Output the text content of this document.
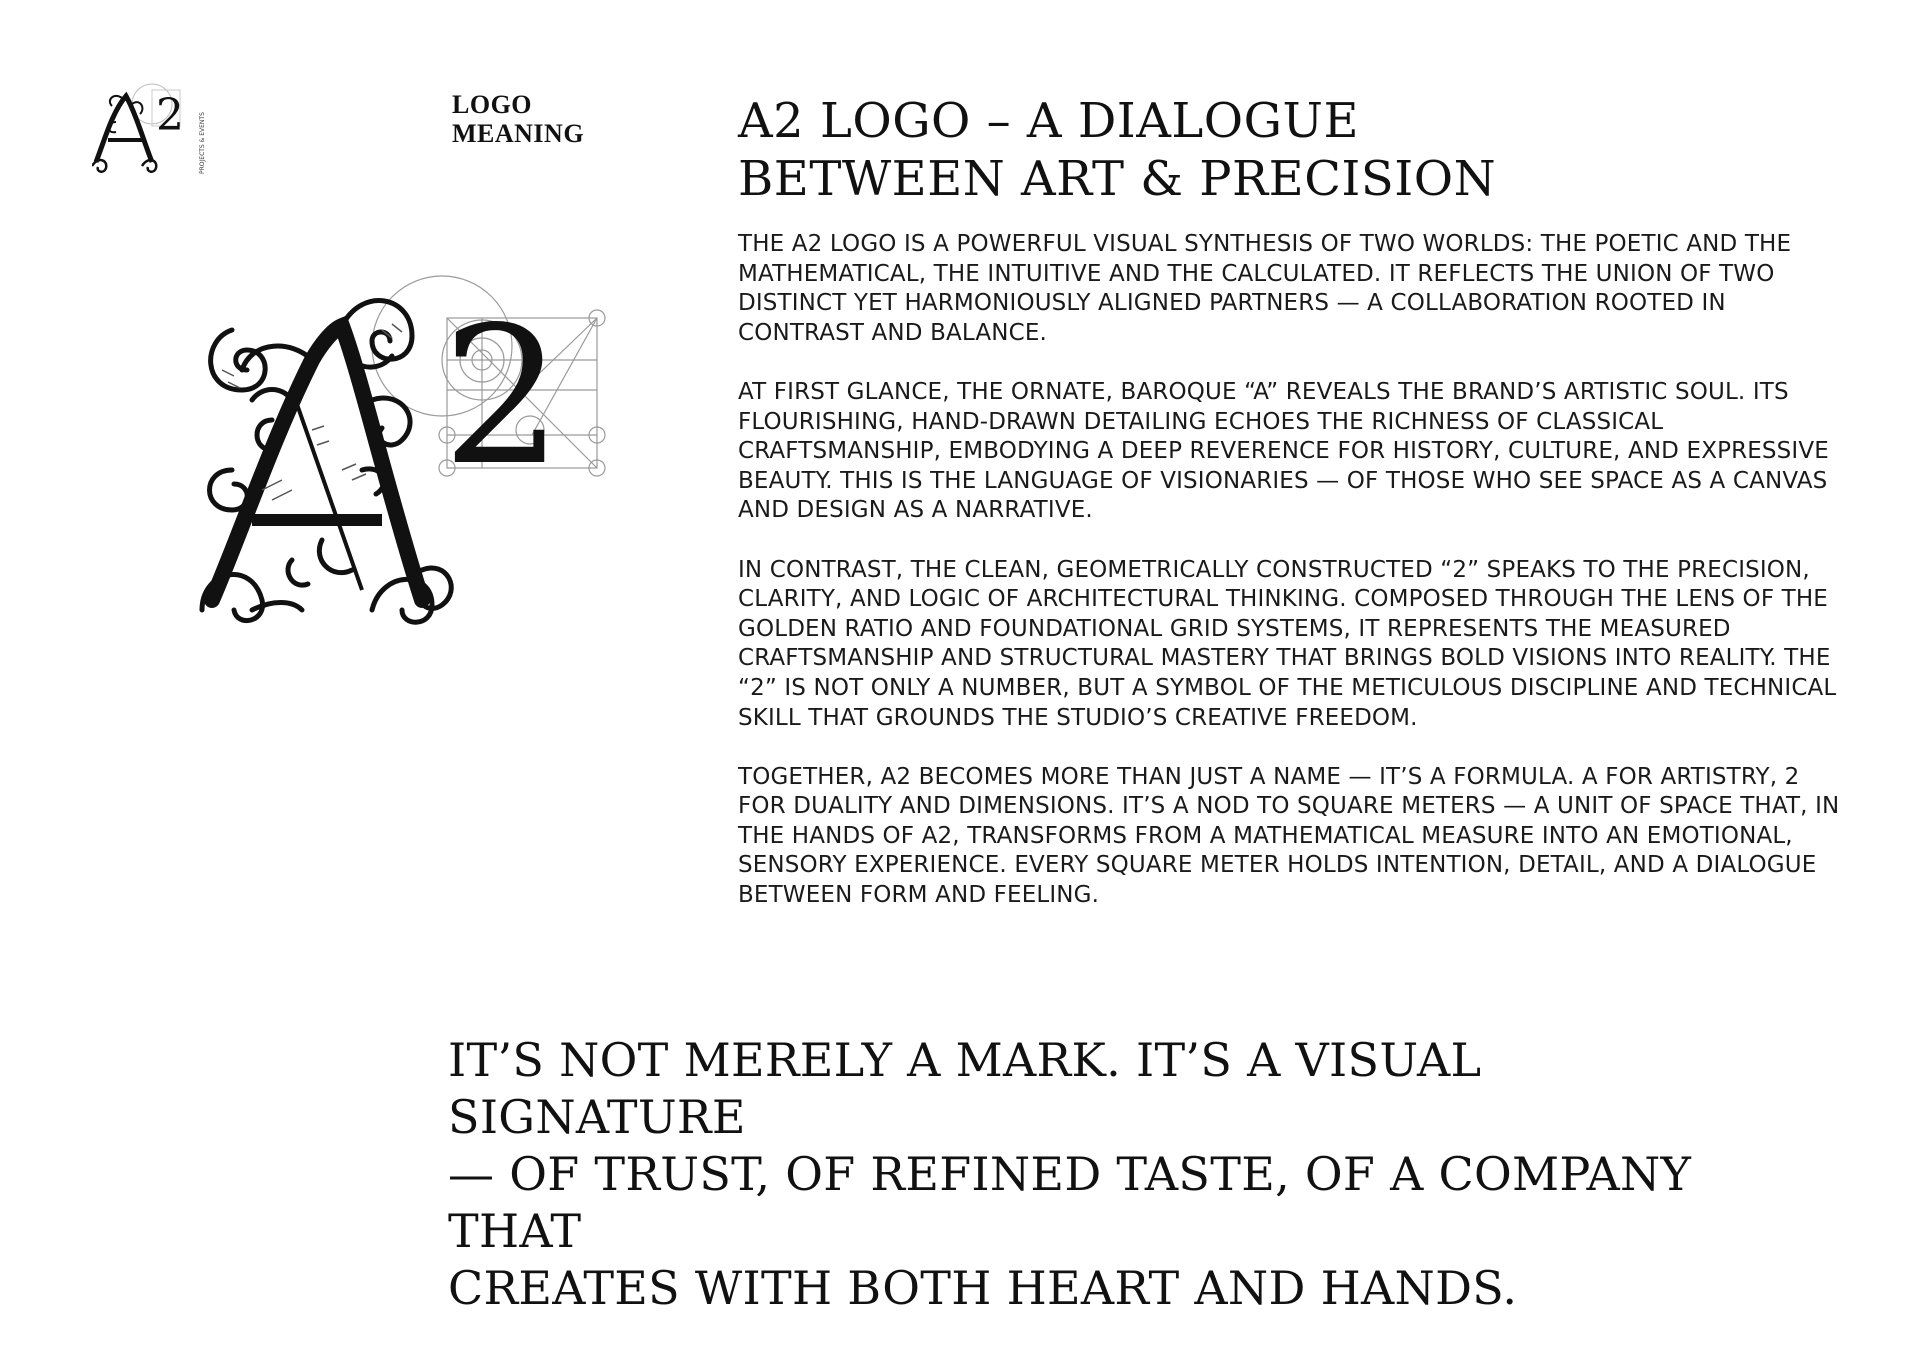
2	PROJECTS & EVENTS
LOGO
MEANING
2
A2 LOGO – A DIALOGUE
BETWEEN ART & PRECISION

THE A2 LOGO IS A POWERFUL VISUAL SYNTHESIS OF TWO WORLDS: THE POETIC AND THE MATHEMATICAL, THE INTUITIVE AND THE CALCULATED. IT REFLECTS THE UNION OF TWO DISTINCT YET HARMONIOUSLY ALIGNED PARTNERS — A COLLABORATION ROOTED IN CONTRAST AND BALANCE.

AT FIRST GLANCE, THE ORNATE, BAROQUE “A” REVEALS THE BRAND’S ARTISTIC SOUL. ITS FLOURISHING, HAND-DRAWN DETAILING ECHOES THE RICHNESS OF CLASSICAL CRAFTSMANSHIP, EMBODYING A DEEP REVERENCE FOR HISTORY, CULTURE, AND EXPRESSIVE BEAUTY. THIS IS THE LANGUAGE OF VISIONARIES — OF THOSE WHO SEE SPACE AS A CANVAS AND DESIGN AS A NARRATIVE.

IN CONTRAST, THE CLEAN, GEOMETRICALLY CONSTRUCTED “2” SPEAKS TO THE PRECISION, CLARITY, AND LOGIC OF ARCHITECTURAL THINKING. COMPOSED THROUGH THE LENS OF THE GOLDEN RATIO AND FOUNDATIONAL GRID SYSTEMS, IT REPRESENTS THE MEASURED CRAFTSMANSHIP AND STRUCTURAL MASTERY THAT BRINGS BOLD VISIONS INTO REALITY. THE “2” IS NOT ONLY A NUMBER, BUT A SYMBOL OF THE METICULOUS DISCIPLINE AND TECHNICAL SKILL THAT GROUNDS THE STUDIO’S CREATIVE FREEDOM.

TOGETHER, A2 BECOMES MORE THAN JUST A NAME — IT’S A FORMULA. A FOR ARTISTRY, 2 FOR DUALITY AND DIMENSIONS. IT’S A NOD TO SQUARE METERS — A UNIT OF SPACE THAT, IN THE HANDS OF A2, TRANSFORMS FROM A MATHEMATICAL MEASURE INTO AN EMOTIONAL, SENSORY EXPERIENCE. EVERY SQUARE METER HOLDS INTENTION, DETAIL, AND A DIALOGUE BETWEEN FORM AND FEELING.

IT’S NOT MERELY A MARK. IT’S A VISUAL SIGNATURE
— OF TRUST, OF REFINED TASTE, OF A COMPANY THAT
CREATES WITH BOTH HEART AND HANDS.
